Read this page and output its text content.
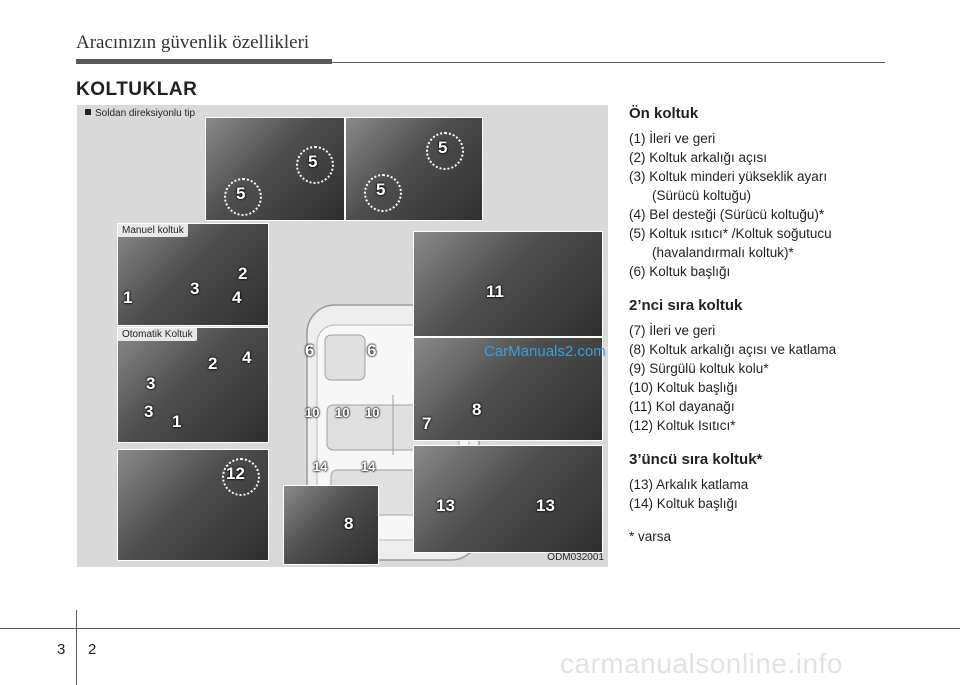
Aracınızın güvenlik özellikleri
KOLTUKLAR
Soldan direksiyonlu tip
5
5
5
5
Manuel koltuk
1
2
3 4
Otomatik Koltuk
3
2 4
3
1
12
8
11
7
8
13	13
6	6
10 10 10
14	14
CarManuals2.com
ODM032001

Ön koltuk

(1) İleri ve geri

(2) Koltuk arkalığı açısı

(3) Koltuk minderi yükseklik ayarı

(Sürücü koltuğu)

(4) Bel desteği (Sürücü koltuğu)*

(5) Koltuk ısıtıcı* /Koltuk soğutucu

(havalandırmalı koltuk)*

(6) Koltuk başlığı

2’nci sıra koltuk

(7) İleri ve geri

(8) Koltuk arkalığı açısı ve katlama

(9) Sürgülü koltuk kolu*

(10) Koltuk başlığı

(11) Kol dayanağı

(12) Koltuk Isıtıcı*

3’üncü sıra koltuk*

(13) Arkalık katlama

(14) Koltuk başlığı

* varsa

3 2	carmanualsonline.info
